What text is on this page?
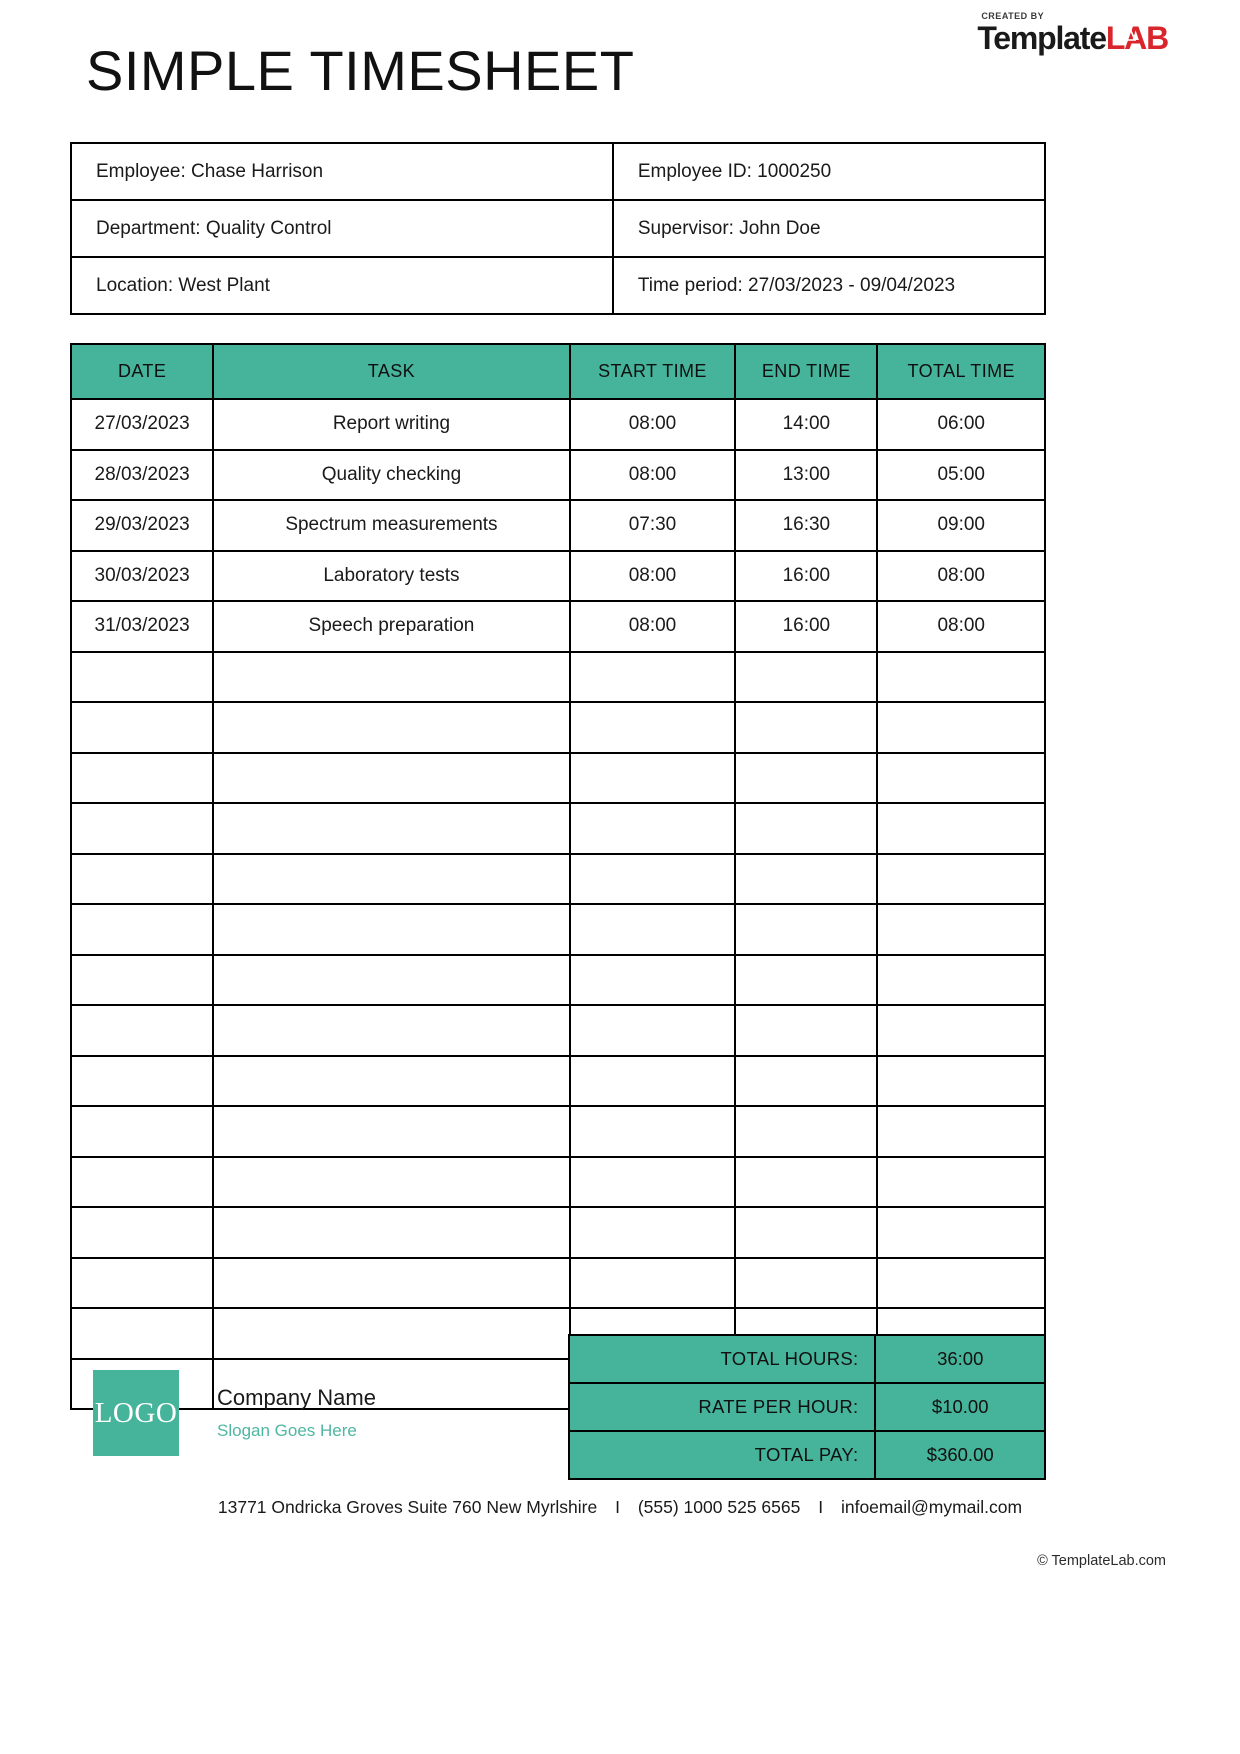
CREATED BY
TemplateLAB
SIMPLE TIMESHEET
Employee: Chase Harrison	Employee ID: 1000250
Department: Quality Control	Supervisor: John Doe
Location: West Plant	Time period: 27/03/2023 - 09/04/2023
DATE	TASK	START TIME	END TIME	TOTAL TIME
27/03/2023	Report writing	08:00	14:00	06:00
28/03/2023	Quality checking	08:00	13:00	05:00
29/03/2023	Spectrum measurements	07:30	16:30	09:00
30/03/2023	Laboratory tests	08:00	16:00	08:00
31/03/2023	Speech preparation	08:00	16:00	08:00

TOTAL HOURS:	36:00
RATE PER HOUR:	$10.00
TOTAL PAY:	$360.00
LOGO Company Name
Slogan Goes Here
13771 Ondricka Groves Suite 760 New Myrlshire I (555) 1000 525 6565 I infoemail@mymail.com
© TemplateLab.com
